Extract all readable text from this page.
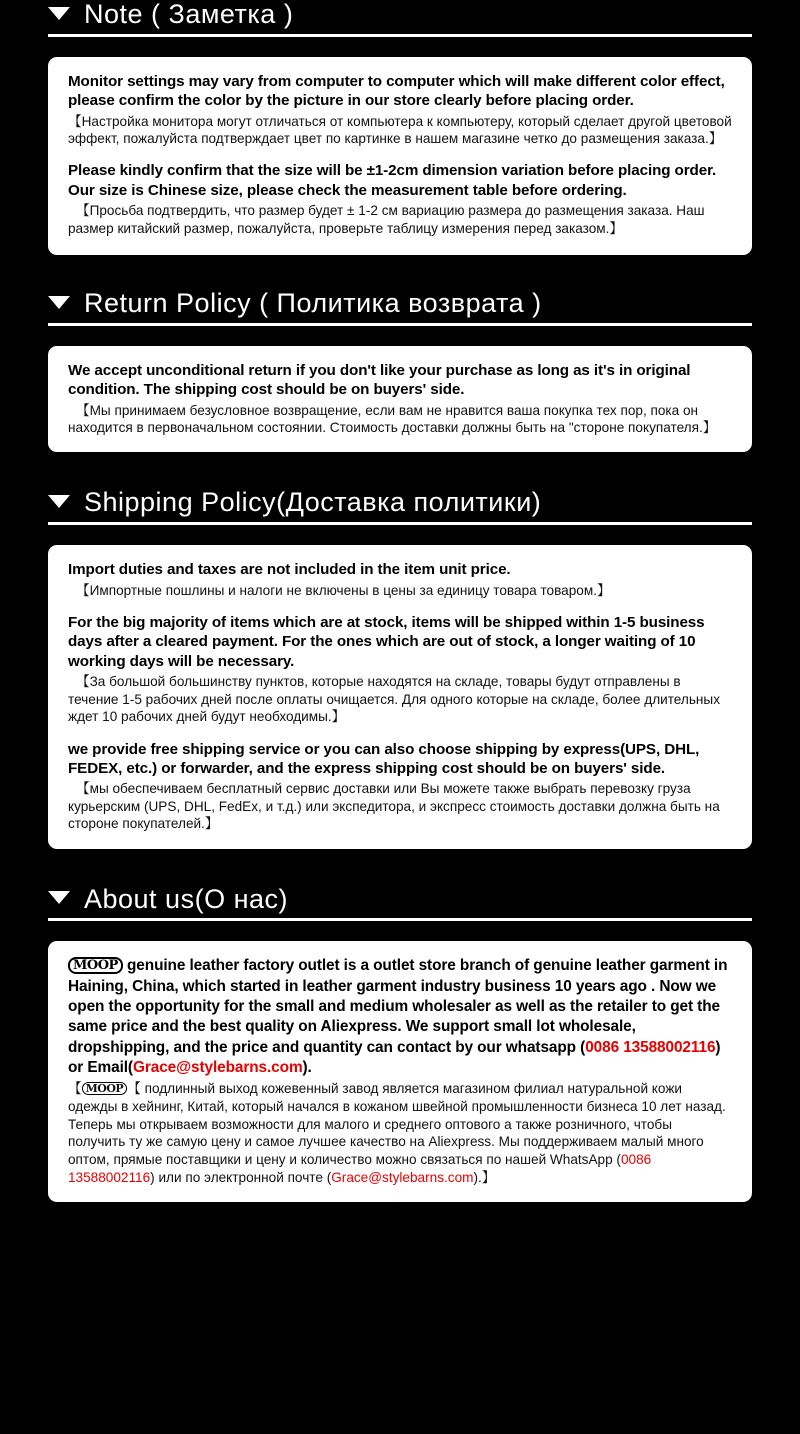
Note ( Заметка )

Monitor settings may vary from computer to computer which will make different color effect, please confirm the color by the picture in our store clearly before placing order.

【Настройка монитора могут отличаться от компьютера к компьютеру, который сделает другой цветовой эффект, пожалуйста подтверждает цвет по картинке в нашем магазине четко до размещения заказа.】

Please kindly confirm that the size will be ±1-2cm dimension variation before placing order. Our size is Chinese size, please check the measurement table before ordering.

【Просьба подтвердить, что размер будет ± 1-2 см вариацию размера до размещения заказа. Наш размер китайский размер, пожалуйста, проверьте таблицу измерения перед заказом.】

Return Policy ( Политика возврата )

We accept unconditional return if you don't like your purchase as long as it's in original condition. The shipping cost should be on buyers' side.

【Мы принимаем безусловное возвращение, если вам не нравится ваша покупка тех пор, пока он находится в первоначальном состоянии. Стоимость доставки должны быть на "стороне покупателя.】

Shipping Policy(Доставка политики)

Import duties and taxes are not included in the item unit price.

【Импортные пошлины и налоги не включены в цены за единицу товара товаром.】

For the big majority of items which are at stock, items will be shipped within 1-5 business days after a cleared payment. For the ones which are out of stock, a longer waiting of 10 working days will be necessary.

【За большой большинству пунктов, которые находятся на складе, товары будут отправлены в течение 1-5 рабочих дней после оплаты очищается. Для одного которые на складе, более длительных ждет 10 рабочих дней будут необходимы.】

we provide free shipping service or you can also choose shipping by express(UPS, DHL, FEDEX, etc.) or forwarder, and the express shipping cost should be on buyers' side.

【мы обеспечиваем бесплатный сервис доставки или Вы можете также выбрать перевозку груза курьерским (UPS, DHL, FedEx, и т.д.) или экспедитора, и экспресс стоимость доставки должна быть на стороне покупателей.】

About us(О нас)

MOOP genuine leather factory outlet is a outlet store branch of genuine leather garment in Haining, China, which started in leather garment industry business 10 years ago . Now we open the opportunity for the small and medium wholesaler as well as the retailer to get the same price and the best quality on Aliexpress. We support small lot wholesale, dropshipping, and the price and quantity can contact by our whatsapp (0086 13588002116) or Email(Grace@stylebarns.com).

【 MOOP 【 подлинный выход кожевенный завод является магазином филиал натуральной кожи одежды в хейнинг, Китай, который начался в кожаном швейной промышленности бизнеса 10 лет назад. Теперь мы открываем возможности для малого и среднего оптового а также розничного, чтобы получить ту же самую цену и самое лучшее качество на Aliexpress. Мы поддерживаем малый много оптом, прямые поставщики и цену и количество можно связаться по нашей WhatsApp (0086 13588002116) или по электронной почте (Grace@stylebarns.com).】
